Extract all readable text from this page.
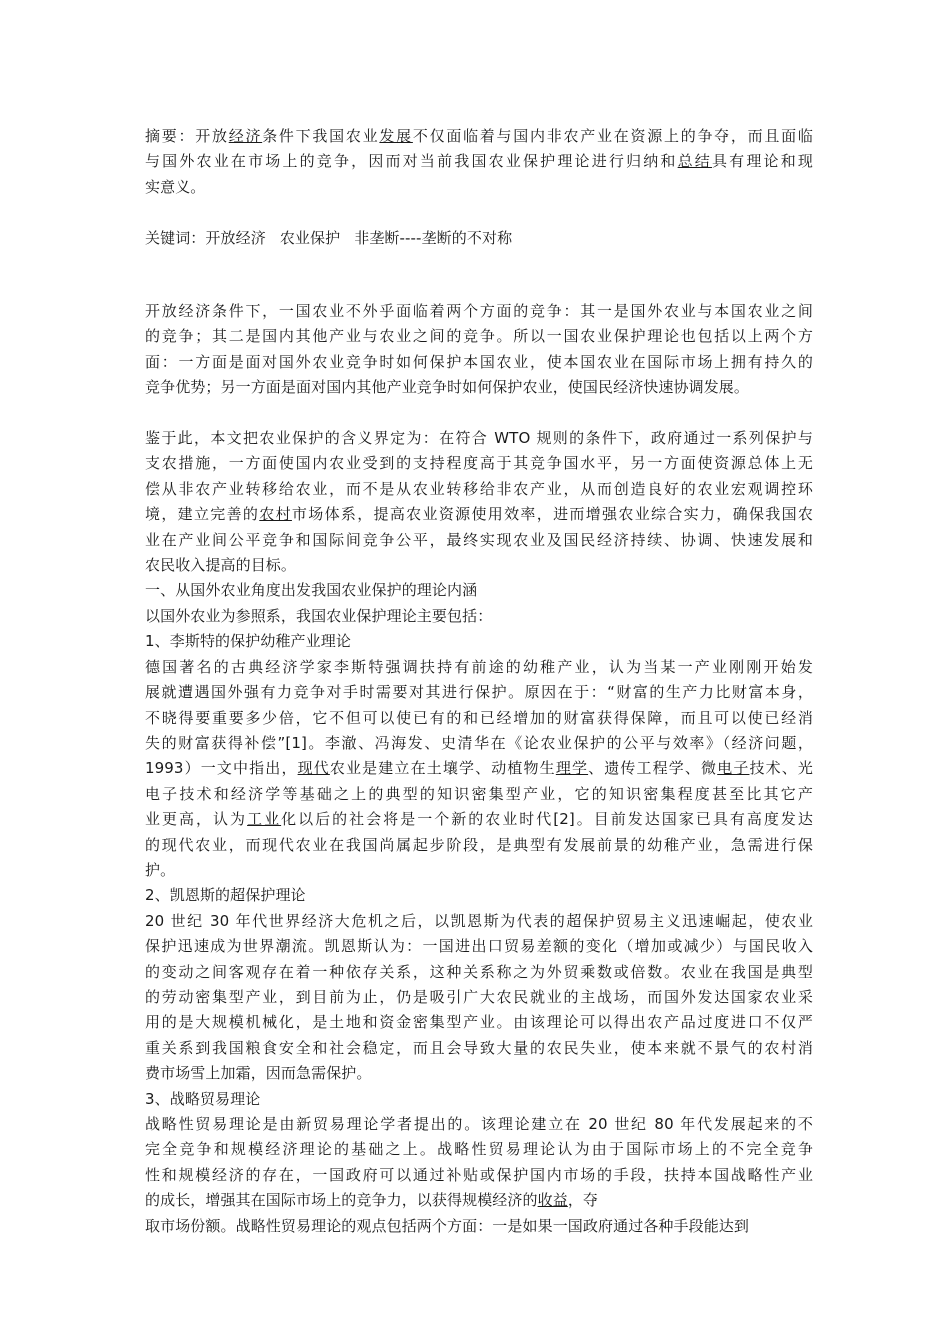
摘要：开放经济条件下我国农业发展不仅面临着与国内非农产业在资源上的争夺，而且面临
与国外农业在市场上的竞争，因而对当前我国农业保护理论进行归纳和总结具有理论和现
实意义。
关键词：开放经济 农业保护 非垄断----垄断的不对称
开放经济条件下，一国农业不外乎面临着两个方面的竞争：其一是国外农业与本国农业之间
的竞争；其二是国内其他产业与农业之间的竞争。所以一国农业保护理论也包括以上两个方
面：一方面是面对国外农业竞争时如何保护本国农业，使本国农业在国际市场上拥有持久的
竞争优势；另一方面是面对国内其他产业竞争时如何保护农业，使国民经济快速协调发展。
鉴于此，本文把农业保护的含义界定为：在符合 WTO 规则的条件下，政府通过一系列保护与
支农措施，一方面使国内农业受到的支持程度高于其竞争国水平，另一方面使资源总体上无
偿从非农产业转移给农业，而不是从农业转移给非农产业，从而创造良好的农业宏观调控环
境，建立完善的农村市场体系，提高农业资源使用效率，进而增强农业综合实力，确保我国农
业在产业间公平竞争和国际间竞争公平，最终实现农业及国民经济持续、协调、快速发展和
农民收入提高的目标。
一、从国外农业角度出发我国农业保护的理论内涵
以国外农业为参照系，我国农业保护理论主要包括：
1、李斯特的保护幼稚产业理论
德国著名的古典经济学家李斯特强调扶持有前途的幼稚产业，认为当某一产业刚刚开始发
展就遭遇国外强有力竞争对手时需要对其进行保护。原因在于：“财富的生产力比财富本身，
不晓得要重要多少倍，它不但可以使已有的和已经增加的财富获得保障，而且可以使已经消
失的财富获得补偿”[1]。李澈、冯海发、史清华在《论农业保护的公平与效率》（经济问题，
1993）一文中指出，现代农业是建立在土壤学、动植物生理学、遗传工程学、微电子技术、光
电子技术和经济学等基础之上的典型的知识密集型产业，它的知识密集程度甚至比其它产
业更高，认为工业化以后的社会将是一个新的农业时代[2]。目前发达国家已具有高度发达
的现代农业，而现代农业在我国尚属起步阶段，是典型有发展前景的幼稚产业，急需进行保
护。
2、凯恩斯的超保护理论
20 世纪 30 年代世界经济大危机之后，以凯恩斯为代表的超保护贸易主义迅速崛起，使农业
保护迅速成为世界潮流。凯恩斯认为：一国进出口贸易差额的变化（增加或减少）与国民收入
的变动之间客观存在着一种依存关系，这种关系称之为外贸乘数或倍数。农业在我国是典型
的劳动密集型产业，到目前为止，仍是吸引广大农民就业的主战场，而国外发达国家农业采
用的是大规模机械化，是土地和资金密集型产业。由该理论可以得出农产品过度进口不仅严
重关系到我国粮食安全和社会稳定，而且会导致大量的农民失业，使本来就不景气的农村消
费市场雪上加霜，因而急需保护。
3、战略贸易理论
战略性贸易理论是由新贸易理论学者提出的。该理论建立在 20 世纪 80 年代发展起来的不
完全竞争和规模经济理论的基础之上。战略性贸易理论认为由于国际市场上的不完全竞争
性和规模经济的存在，一国政府可以通过补贴或保护国内市场的手段，扶持本国战略性产业
的成长，增强其在国际市场上的竞争力，以获得规模经济的收益，夺
取市场份额。战略性贸易理论的观点包括两个方面：一是如果一国政府通过各种手段能达到
